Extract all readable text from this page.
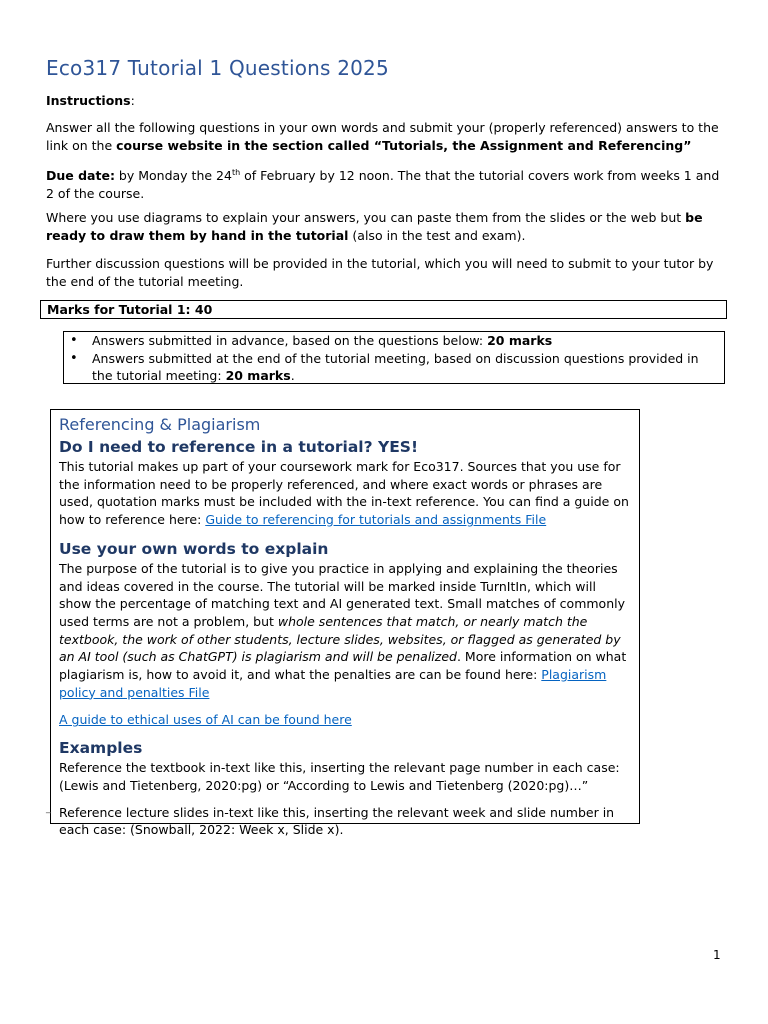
Eco317 Tutorial 1 Questions 2025

Instructions:

Answer all the following questions in your own words and submit your (properly referenced) answers to the link on the course website in the section called “Tutorials, the Assignment and Referencing”

Due date: by Monday the 24th of February by 12 noon. The that the tutorial covers work from weeks 1 and 2 of the course.

Where you use diagrams to explain your answers, you can paste them from the slides or the web but be ready to draw them by hand in the tutorial (also in the test and exam).

Further discussion questions will be provided in the tutorial, which you will need to submit to your tutor by the end of the tutorial meeting.

Marks for Tutorial 1: 40
• Answers submitted in advance, based on the questions below: 20 marks
• Answers submitted at the end of the tutorial meeting, based on discussion questions provided in the tutorial meeting: 20 marks.
Referencing & Plagiarism
Do I need to reference in a tutorial? YES!

This tutorial makes up part of your coursework mark for Eco317. Sources that you use for the information need to be properly referenced, and where exact words or phrases are used, quotation marks must be included with the in-text reference. You can find a guide on how to reference here: Guide to referencing for tutorials and assignments File

Use your own words to explain

The purpose of the tutorial is to give you practice in applying and explaining the theories and ideas covered in the course. The tutorial will be marked inside TurnItIn, which will show the percentage of matching text and AI generated text. Small matches of commonly used terms are not a problem, but whole sentences that match, or nearly match the textbook, the work of other students, lecture slides, websites, or flagged as generated by an AI tool (such as ChatGPT) is plagiarism and will be penalized. More information on what plagiarism is, how to avoid it, and what the penalties are can be found here: Plagiarism policy and penalties File

A guide to ethical uses of AI can be found here

Examples

Reference the textbook in-text like this, inserting the relevant page number in each case: (Lewis and Tietenberg, 2020:pg) or “According to Lewis and Tietenberg (2020:pg)…”

Reference lecture slides in-text like this, inserting the relevant week and slide number in each case: (Snowball, 2022: Week x, Slide x).

_
1
